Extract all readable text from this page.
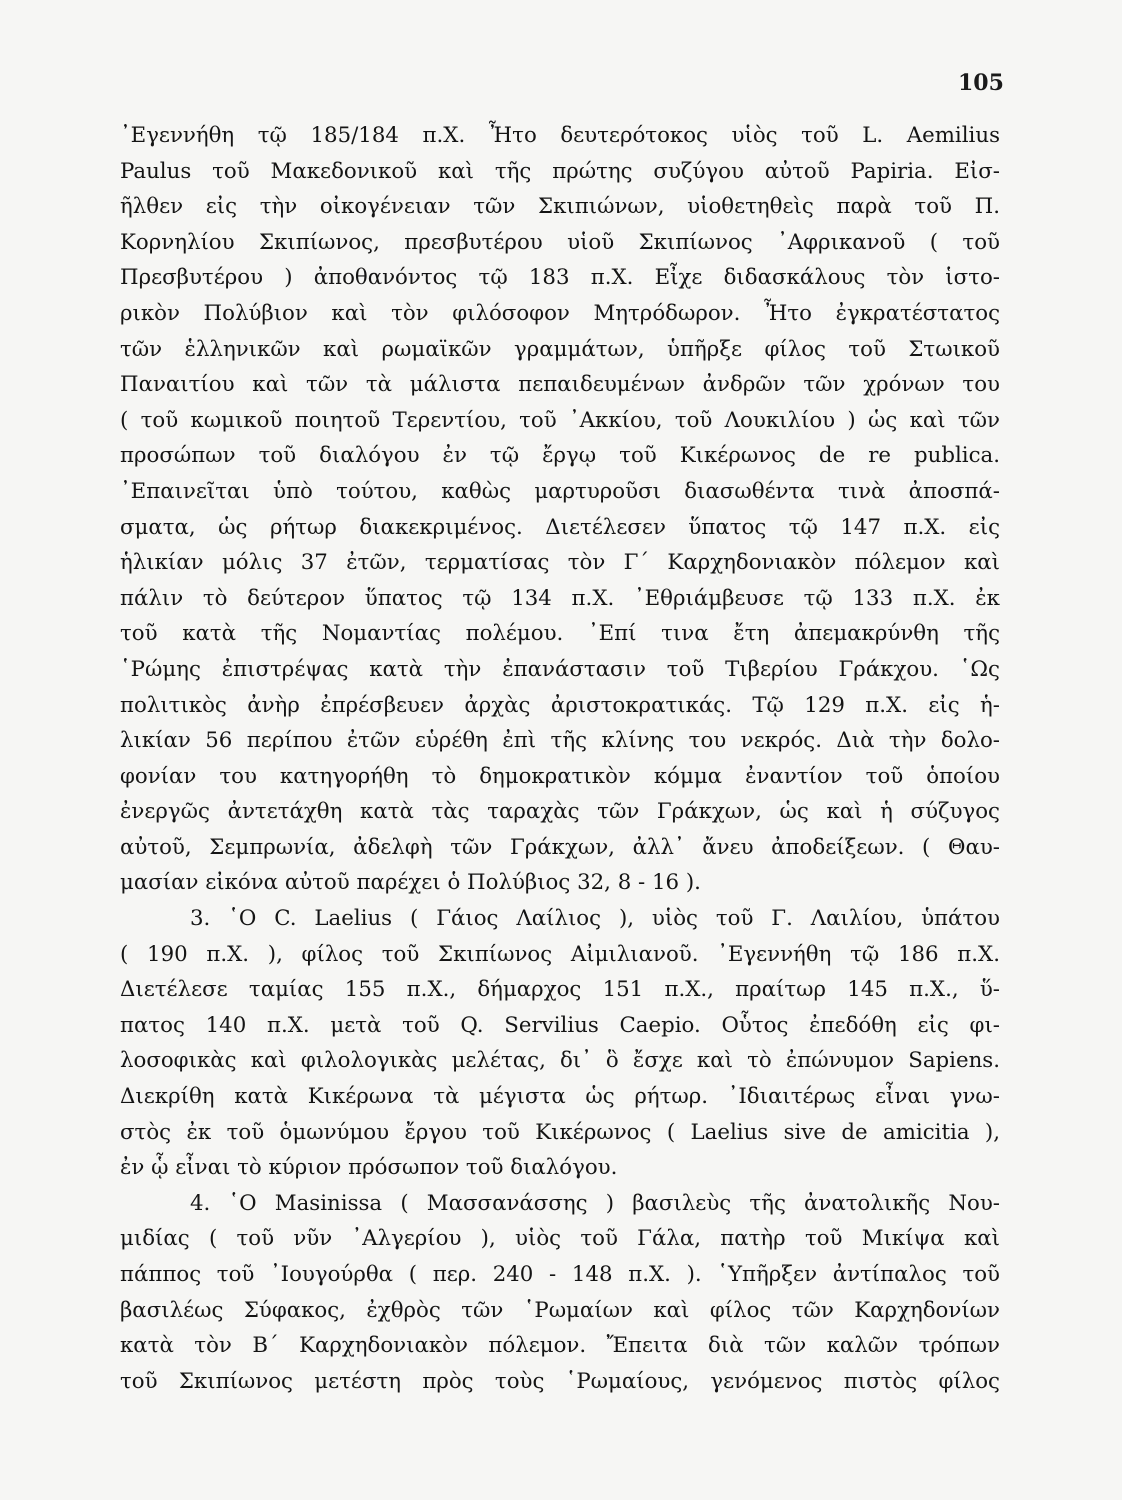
105
᾿Εγεννήθη τῷ 185/184 π.Χ. Ἦτο δευτερότοκος υἱὸς τοῦ L. Aemilius
Paulus τοῦ Μακεδονικοῦ καὶ τῆς πρώτης συζύγου αὐτοῦ Papiria. Εἰσ-
ῆλθεν εἰς τὴν οἰκογένειαν τῶν Σκιπιώνων, υἱοθετηθεὶς παρὰ τοῦ Π.
Κορνηλίου Σκιπίωνος, πρεσβυτέρου υἱοῦ Σκιπίωνος ᾿Αφρικανοῦ ( τοῦ
Πρεσβυτέρου ) ἀποθανόντος τῷ 183 π.Χ. Εἶχε διδασκάλους τὸν ἱστο-
ρικὸν Πολύβιον καὶ τὸν φιλόσοφον Μητρόδωρον. Ἦτο ἐγκρατέστατος
τῶν ἑλληνικῶν καὶ ρωμαϊκῶν γραμμάτων, ὑπῆρξε φίλος τοῦ Στωικοῦ
Παναιτίου καὶ τῶν τὰ μάλιστα πεπαιδευμένων ἀνδρῶν τῶν χρόνων του
( τοῦ κωμικοῦ ποιητοῦ Τερεντίου, τοῦ ᾿Ακκίου, τοῦ Λουκιλίου ) ὡς καὶ τῶν
προσώπων τοῦ διαλόγου ἐν τῷ ἔργῳ τοῦ Κικέρωνος de re publica.
᾿Επαινεῖται ὑπὸ τούτου, καθὼς μαρτυροῦσι διασωθέντα τινὰ ἀποσπά-
σματα, ὡς ρήτωρ διακεκριμένος. Διετέλεσεν ὕπατος τῷ 147 π.Χ. εἰς
ἡλικίαν μόλις 37 ἐτῶν, τερματίσας τὸν Γ΄ Καρχηδονιακὸν πόλεμον καὶ
πάλιν τὸ δεύτερον ὕπατος τῷ 134 π.Χ. ᾿Εθριάμβευσε τῷ 133 π.Χ. ἐκ
τοῦ κατὰ τῆς Νομαντίας πολέμου. ᾿Επί τινα ἔτη ἀπεμακρύνθη τῆς
῾Ρώμης ἐπιστρέψας κατὰ τὴν ἐπανάστασιν τοῦ Τιβερίου Γράκχου. ῾Ως
πολιτικὸς ἀνὴρ ἐπρέσβευεν ἀρχὰς ἀριστοκρατικάς. Τῷ 129 π.Χ. εἰς ἡ-
λικίαν 56 περίπου ἐτῶν εὑρέθη ἐπὶ τῆς κλίνης του νεκρός. Διὰ τὴν δολο-
φονίαν του κατηγορήθη τὸ δημοκρατικὸν κόμμα ἐναντίον τοῦ ὁποίου
ἐνεργῶς ἀντετάχθη κατὰ τὰς ταραχὰς τῶν Γράκχων, ὡς καὶ ἡ σύζυγος
αὐτοῦ, Σεμπρωνία, ἀδελφὴ τῶν Γράκχων, ἀλλ᾿ ἄνευ ἀποδείξεων. ( Θαυ-
μασίαν εἰκόνα αὐτοῦ παρέχει ὁ Πολύβιος 32, 8 - 16 ).
3. ῾Ο C. Laelius ( Γάιος Λαίλιος ), υἱὸς τοῦ Γ. Λαιλίου, ὑπάτου
( 190 π.Χ. ), φίλος τοῦ Σκιπίωνος Αἰμιλιανοῦ. ᾿Εγεννήθη τῷ 186 π.Χ.
Διετέλεσε ταμίας 155 π.Χ., δήμαρχος 151 π.Χ., πραίτωρ 145 π.Χ., ὕ-
πατος 140 π.Χ. μετὰ τοῦ Q. Servilius Caepio. Οὗτος ἐπεδόθη εἰς φι-
λοσοφικὰς καὶ φιλολογικὰς μελέτας, δι᾿ ὃ ἔσχε καὶ τὸ ἐπώνυμον Sapiens.
Διεκρίθη κατὰ Κικέρωνα τὰ μέγιστα ὡς ρήτωρ. ᾿Ιδιαιτέρως εἶναι γνω-
στὸς ἐκ τοῦ ὁμωνύμου ἔργου τοῦ Κικέρωνος ( Laelius sive de amicitia ),
ἐν ᾧ εἶναι τὸ κύριον πρόσωπον τοῦ διαλόγου.
4. ῾Ο Masinissa ( Μασσανάσσης ) βασιλεὺς τῆς ἀνατολικῆς Νου-
μιδίας ( τοῦ νῦν ᾿Αλγερίου ), υἱὸς τοῦ Γάλα, πατὴρ τοῦ Μικίψα καὶ
πάππος τοῦ ᾿Ιουγούρθα ( περ. 240 - 148 π.Χ. ). ῾Υπῆρξεν ἀντίπαλος τοῦ
βασιλέως Σύφακος, ἐχθρὸς τῶν ῾Ρωμαίων καὶ φίλος τῶν Καρχηδονίων
κατὰ τὸν Β΄ Καρχηδονιακὸν πόλεμον. Ἔπειτα διὰ τῶν καλῶν τρόπων
τοῦ Σκιπίωνος μετέστη πρὸς τοὺς ῾Ρωμαίους, γενόμενος πιστὸς φίλος
